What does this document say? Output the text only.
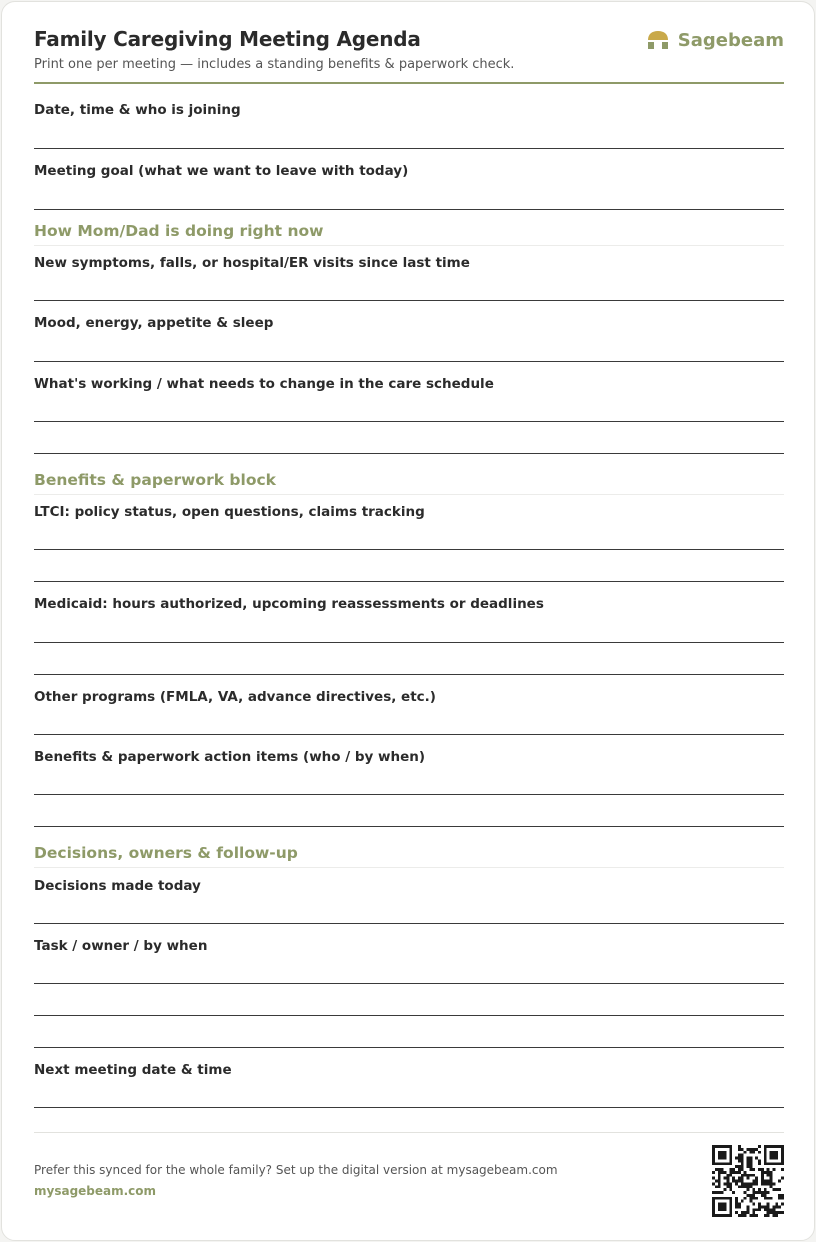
Family Caregiving Meeting Agenda
Print one per meeting — includes a standing benefits & paperwork check.
Sagebeam
Date, time & who is joining
Meeting goal (what we want to leave with today)
How Mom/Dad is doing right now
New symptoms, falls, or hospital/ER visits since last time
Mood, energy, appetite & sleep
What's working / what needs to change in the care schedule
Benefits & paperwork block
LTCI: policy status, open questions, claims tracking
Medicaid: hours authorized, upcoming reassessments or deadlines
Other programs (FMLA, VA, advance directives, etc.)
Benefits & paperwork action items (who / by when)
Decisions, owners & follow-up
Decisions made today
Task / owner / by when
Next meeting date & time
Prefer this synced for the whole family? Set up the digital version at mysagebeam.com
mysagebeam.com
